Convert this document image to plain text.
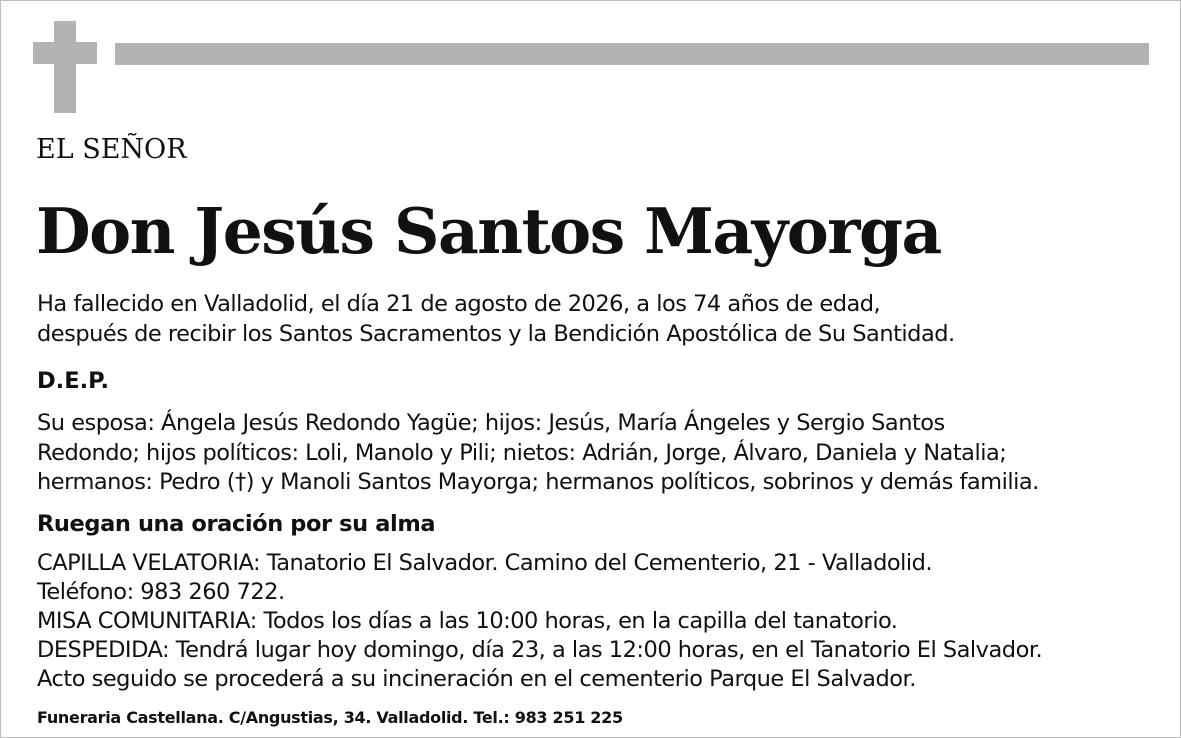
EL SEÑOR
Don Jesús Santos Mayorga
Ha fallecido en Valladolid, el día 21 de agosto de 2026, a los 74 años de edad,
después de recibir los Santos Sacramentos y la Bendición Apostólica de Su Santidad.
D.E.P.
Su esposa: Ángela Jesús Redondo Yagüe; hijos: Jesús, María Ángeles y Sergio Santos
Redondo; hijos políticos: Loli, Manolo y Pili; nietos: Adrián, Jorge, Álvaro, Daniela y Natalia;
hermanos: Pedro (†) y Manoli Santos Mayorga; hermanos políticos, sobrinos y demás familia.
Ruegan una oración por su alma
CAPILLA VELATORIA: Tanatorio El Salvador. Camino del Cementerio, 21 - Valladolid.
Teléfono: 983 260 722.
MISA COMUNITARIA: Todos los días a las 10:00 horas, en la capilla del tanatorio.
DESPEDIDA: Tendrá lugar hoy domingo, día 23, a las 12:00 horas, en el Tanatorio El Salvador.
Acto seguido se procederá a su incineración en el cementerio Parque El Salvador.
Funeraria Castellana. C/Angustias, 34. Valladolid. Tel.: 983 251 225
